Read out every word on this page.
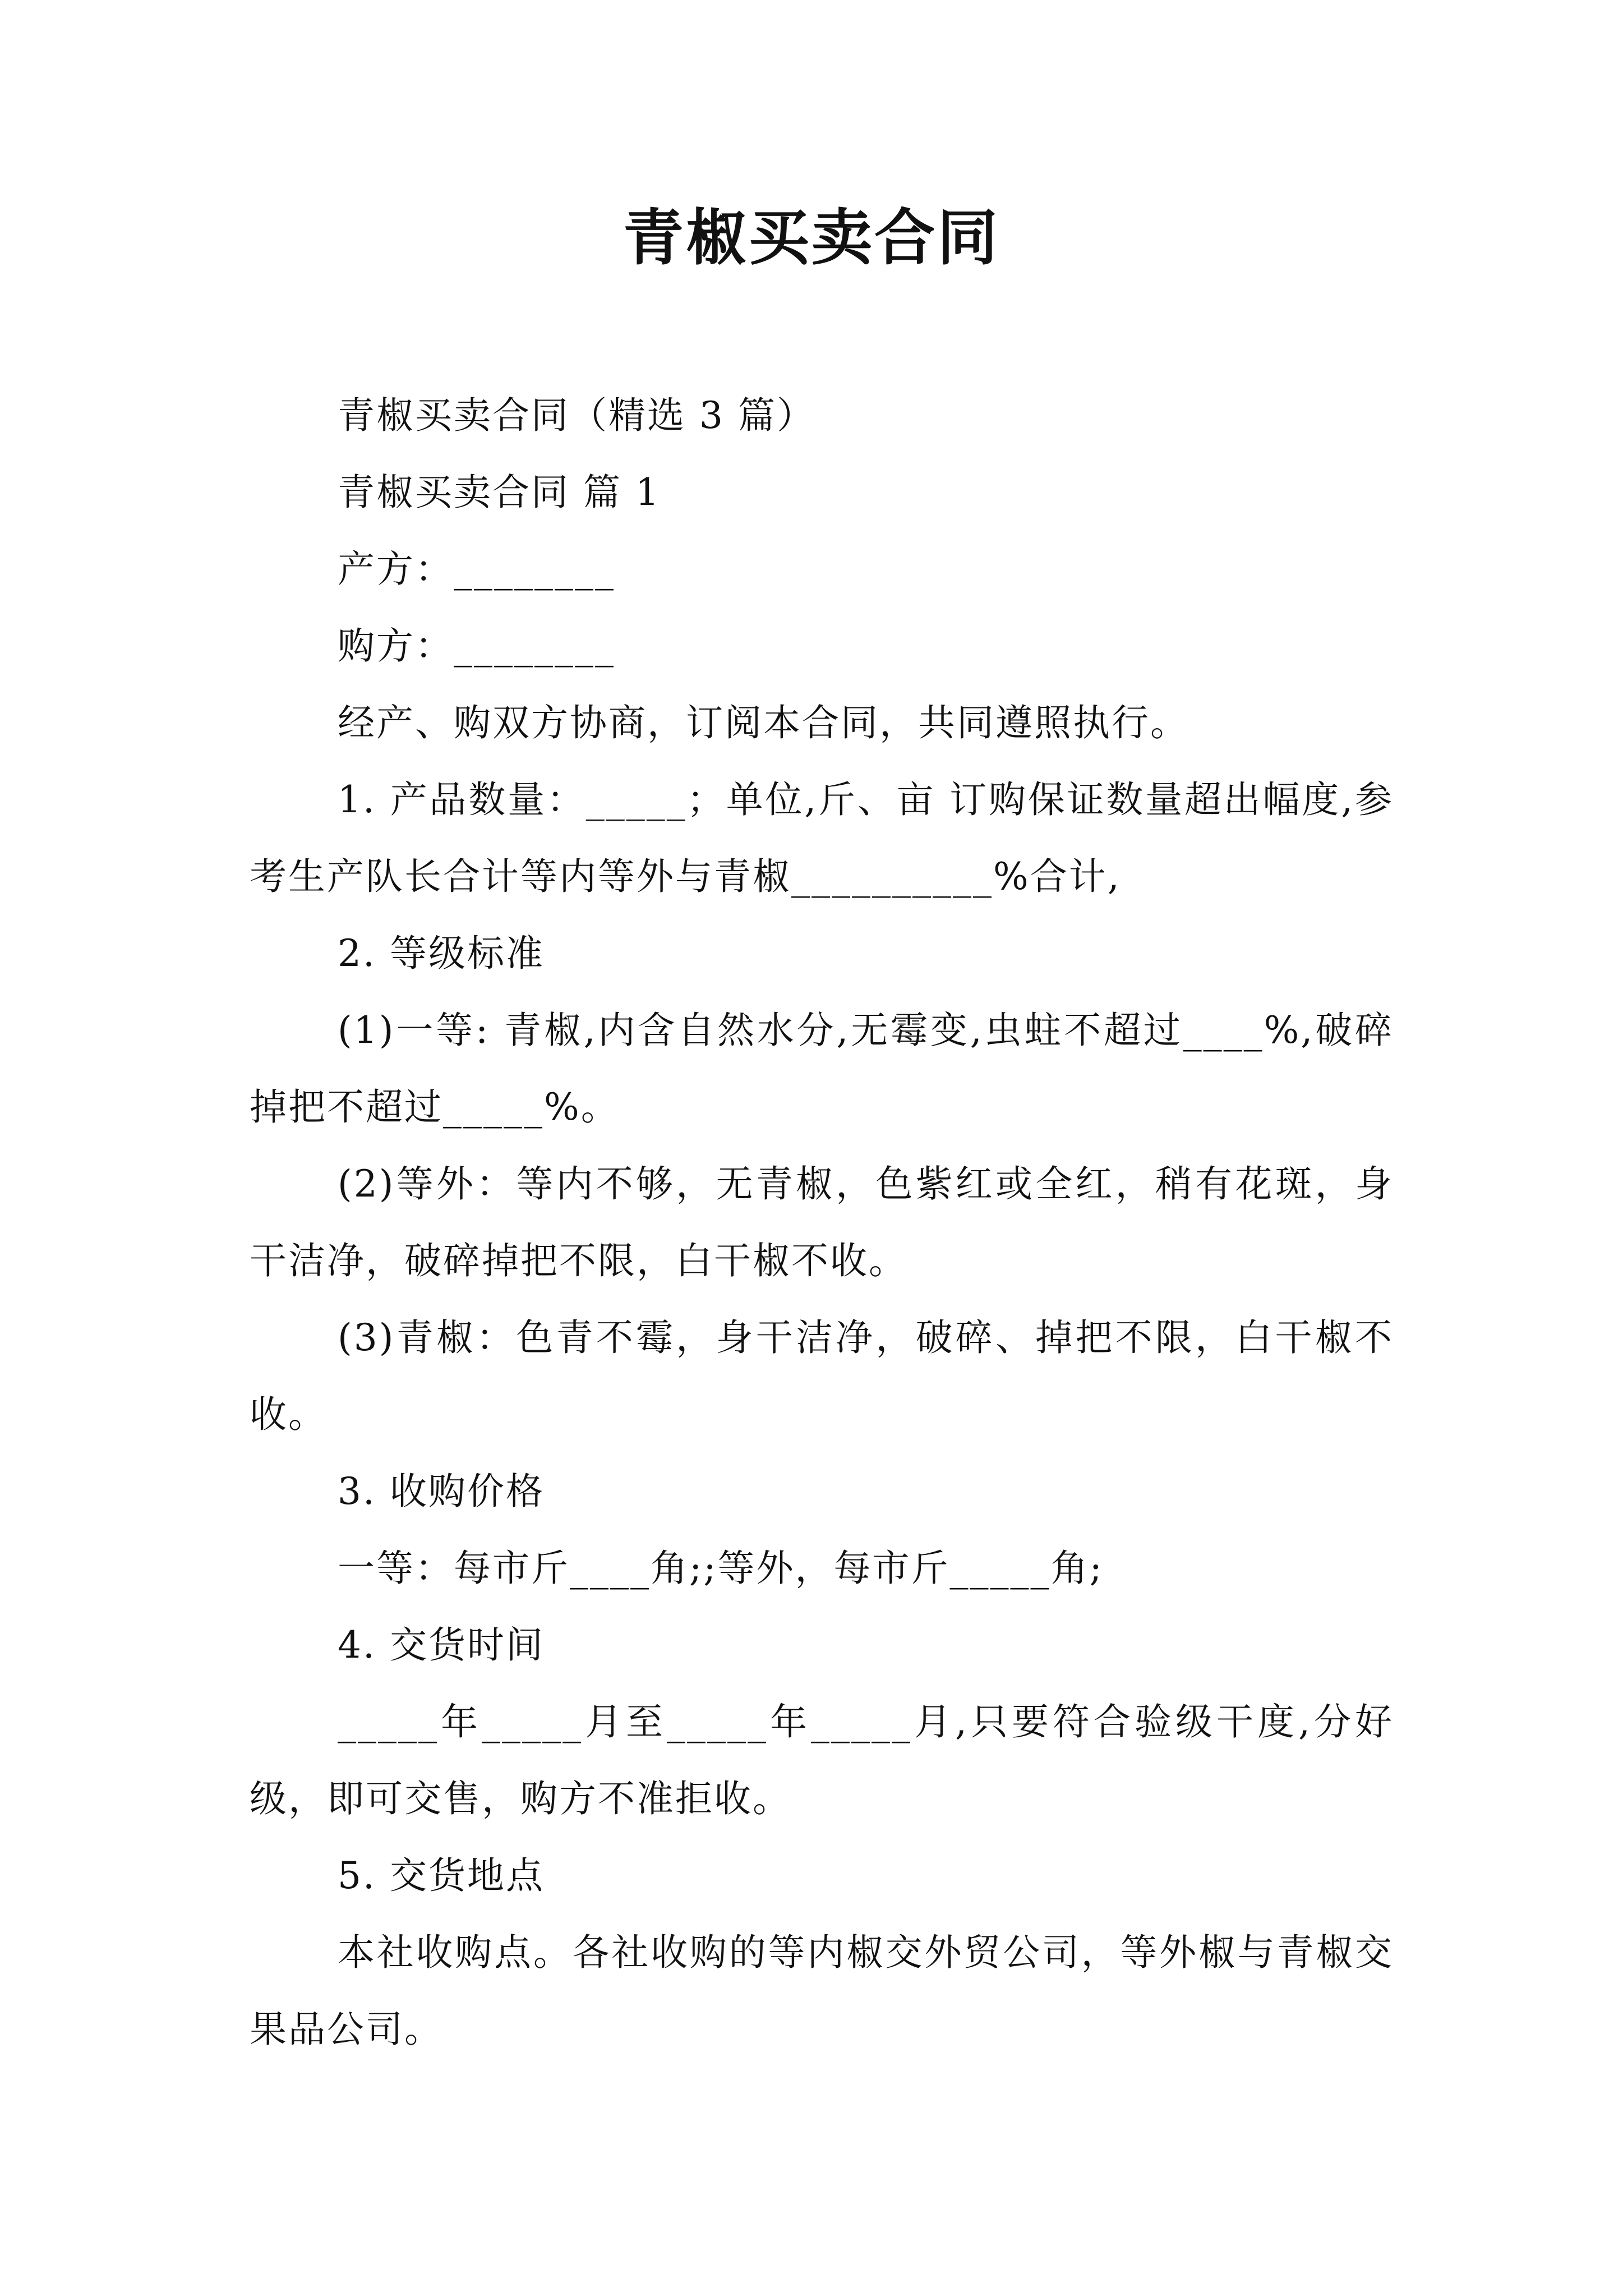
青椒买卖合同

青椒买卖合同（精选 3 篇）

青椒买卖合同 篇 1

产方：________

购方：________

经产、购双方协商，订阅本合同，共同遵照执行。

1. 产品数量：_____；单位,斤、亩 订购保证数量超出幅度,参考生产队长合计等内等外与青椒__________%合计,

2. 等级标准

(1)一等: 青椒,内含自然水分,无霉变,虫蛀不超过____%,破碎掉把不超过_____%。

(2)等外：等内不够，无青椒，色紫红或全红，稍有花斑，身干洁净，破碎掉把不限，白干椒不收。

(3)青椒：色青不霉，身干洁净，破碎、掉把不限，白干椒不收。

3. 收购价格

一等：每市斤____角;;等外，每市斤_____角;

4. 交货时间

_____年_____月至_____年_____月,只要符合验级干度,分好级，即可交售，购方不准拒收。

5. 交货地点

本社收购点。各社收购的等内椒交外贸公司，等外椒与青椒交果品公司。
